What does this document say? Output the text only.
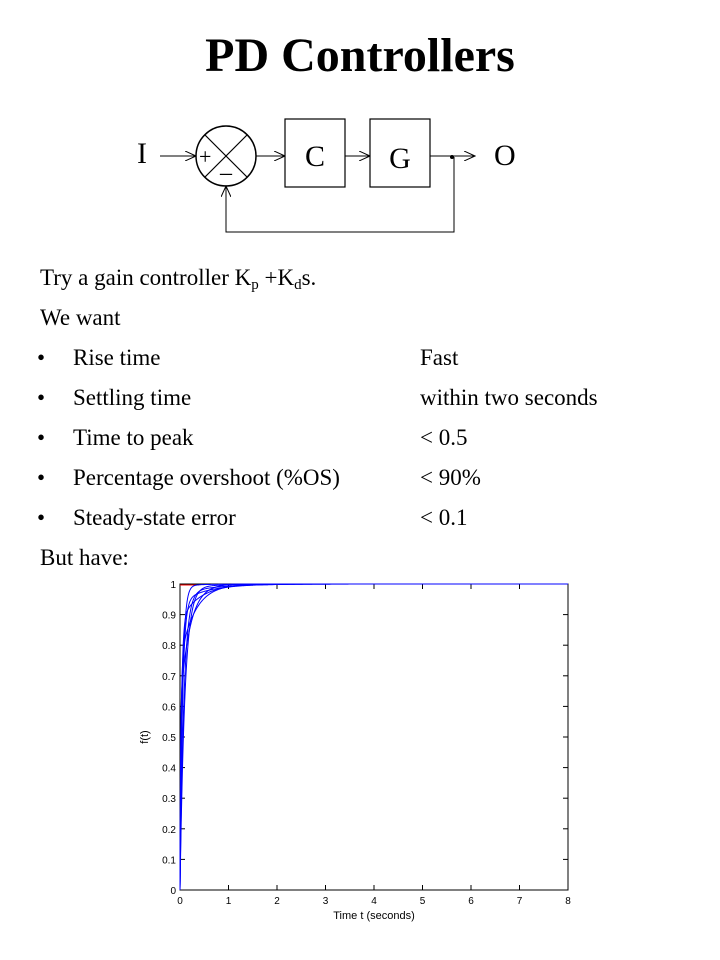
PD Controllers
I +
– C G	O
Try a gain controller $K_p +K_ds$.
We want
• Rise time	Fast
• Settling time	within two seconds
• Time to peak	< 0.5
• Percentage overshoot (%OS)	< 90%
• Steady-state error	< 0.1
But have:
0	1	2	3	4	5	6	7	8
0
0.1
0.2
0.3
0.4
0.5
0.6
0.7
0.8
0.9
1
Time t (seconds)
f(t)
